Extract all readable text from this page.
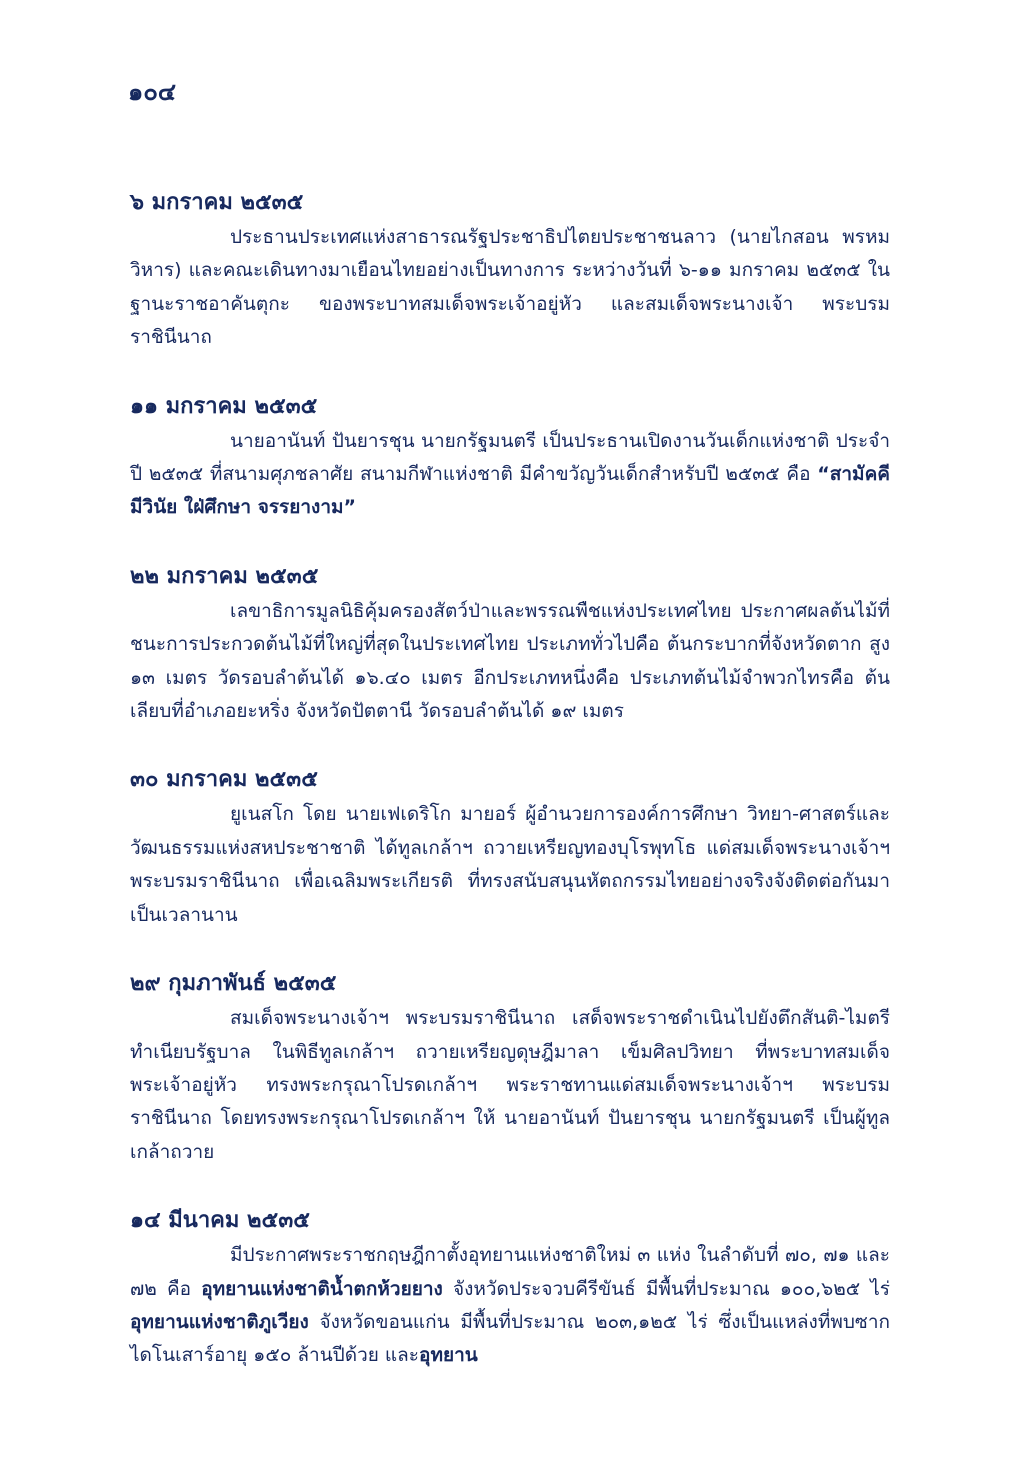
๑๐๔

๖ มกราคม ๒๕๓๕

ประธานประเทศแห่งสาธารณรัฐประชาธิปไตยประชาชนลาว (นายไกสอน พรหมวิหาร) และคณะเดินทางมาเยือนไทยอย่างเป็นทางการ ระหว่างวันที่ ๖-๑๑ มกราคม ๒๕๓๕ ในฐานะราชอาคันตุกะ ของพระบาทสมเด็จพระเจ้าอยู่หัว และสมเด็จพระนางเจ้า พระบรมราชินีนาถ

๑๑ มกราคม ๒๕๓๕

นายอานันท์ ปันยารชุน นายกรัฐมนตรี เป็นประธานเปิดงานวันเด็กแห่งชาติ ประจำปี ๒๕๓๕ ที่สนามศุภชลาศัย สนามกีฬาแห่งชาติ มีคำขวัญวันเด็กสำหรับปี ๒๕๓๕ คือ “สามัคคี มีวินัย ใฝ่ศึกษา จรรยางาม”

๒๒ มกราคม ๒๕๓๕

เลขาธิการมูลนิธิคุ้มครองสัตว์ป่าและพรรณพืชแห่งประเทศไทย ประกาศผลต้นไม้ที่ชนะการประกวดต้นไม้ที่ใหญ่ที่สุดในประเทศไทย ประเภททั่วไปคือ ต้นกระบากที่จังหวัดตาก สูง ๑๓ เมตร วัดรอบลำต้นได้ ๑๖.๔๐ เมตร อีกประเภทหนึ่งคือ ประเภทต้นไม้จำพวกไทรคือ ต้นเลียบที่อำเภอยะหริ่ง จังหวัดปัตตานี วัดรอบลำต้นได้ ๑๙ เมตร

๓๐ มกราคม ๒๕๓๕

ยูเนสโก โดย นายเฟเดริโก มายอร์ ผู้อำนวยการองค์การศึกษา วิทยา-ศาสตร์และวัฒนธรรมแห่งสหประชาชาติ ได้ทูลเกล้าฯ ถวายเหรียญทองบุโรพุทโธ แด่สมเด็จพระนางเจ้าฯ พระบรมราชินีนาถ เพื่อเฉลิมพระเกียรติ ที่ทรงสนับสนุนหัตถกรรมไทยอย่างจริงจังติดต่อกันมาเป็นเวลานาน

๒๙ กุมภาพันธ์ ๒๕๓๕

สมเด็จพระนางเจ้าฯ พระบรมราชินีนาถ เสด็จพระราชดำเนินไปยังตึกสันติ-ไมตรี ทำเนียบรัฐบาล ในพิธีทูลเกล้าฯ ถวายเหรียญดุษฎีมาลา เข็มศิลปวิทยา ที่พระบาทสมเด็จพระเจ้าอยู่หัว ทรงพระกรุณาโปรดเกล้าฯ พระราชทานแด่สมเด็จพระนางเจ้าฯ พระบรมราชินีนาถ โดยทรงพระกรุณาโปรดเกล้าฯ ให้ นายอานันท์ ปันยารชุน นายกรัฐมนตรี เป็นผู้ทูลเกล้าถวาย

๑๔ มีนาคม ๒๕๓๕

มีประกาศพระราชกฤษฎีกาตั้งอุทยานแห่งชาติใหม่ ๓ แห่ง ในลำดับที่ ๗๐, ๗๑ และ ๗๒ คือ อุทยานแห่งชาติน้ำตกห้วยยาง จังหวัดประจวบคีรีขันธ์ มีพื้นที่ประมาณ ๑๐๐,๖๒๕ ไร่ อุทยานแห่งชาติภูเวียง จังหวัดขอนแก่น มีพื้นที่ประมาณ ๒๐๓,๑๒๕ ไร่ ซึ่งเป็นแหล่งที่พบซากไดโนเสาร์อายุ ๑๕๐ ล้านปีด้วย และอุทยาน
